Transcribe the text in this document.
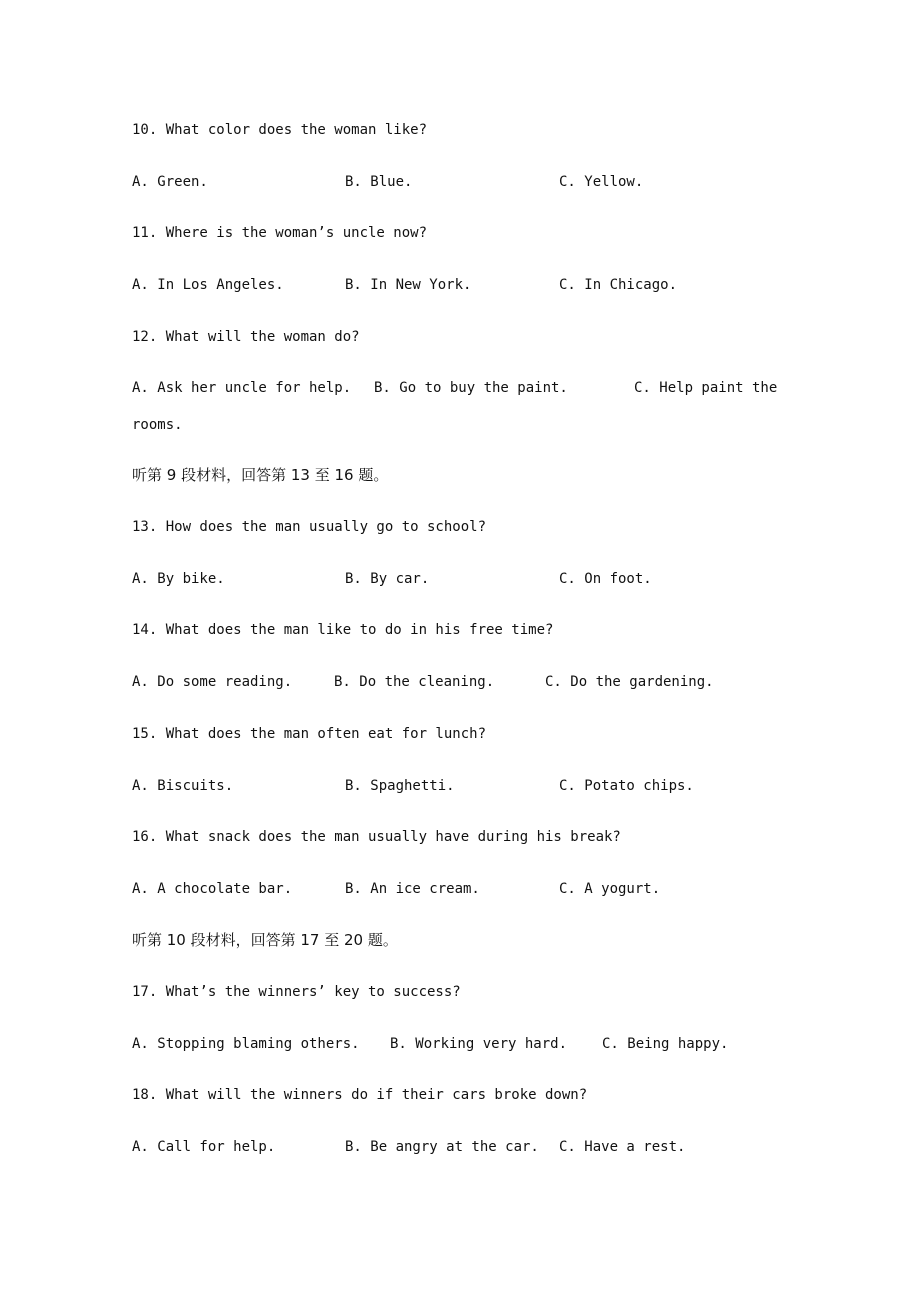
10. What color does the woman like?
A. Green.	B. Blue.	C. Yellow.
11. Where is the woman’s uncle now?
A. In Los Angeles.	B. In New York.	C. In Chicago.
12. What will the woman do?
A. Ask her uncle for help. B. Go to buy the paint.	C. Help paint the
rooms.
听第 9 段材料，回答第 13 至 16 题。
13. How does the man usually go to school?
A. By bike.	B. By car.	C. On foot.
14. What does the man like to do in his free time?
A. Do some reading.	B. Do the cleaning.	C. Do the gardening.
15. What does the man often eat for lunch?
A. Biscuits.	B. Spaghetti.	C. Potato chips.
16. What snack does the man usually have during his break?
A. A chocolate bar.	B. An ice cream.	C. A yogurt.
听第 10 段材料，回答第 17 至 20 题。
17. What’s the winners’ key to success?
A. Stopping blaming others. B. Working very hard. C. Being happy.
18. What will the winners do if their cars broke down?
A. Call for help.	B. Be angry at the car. C. Have a rest.
